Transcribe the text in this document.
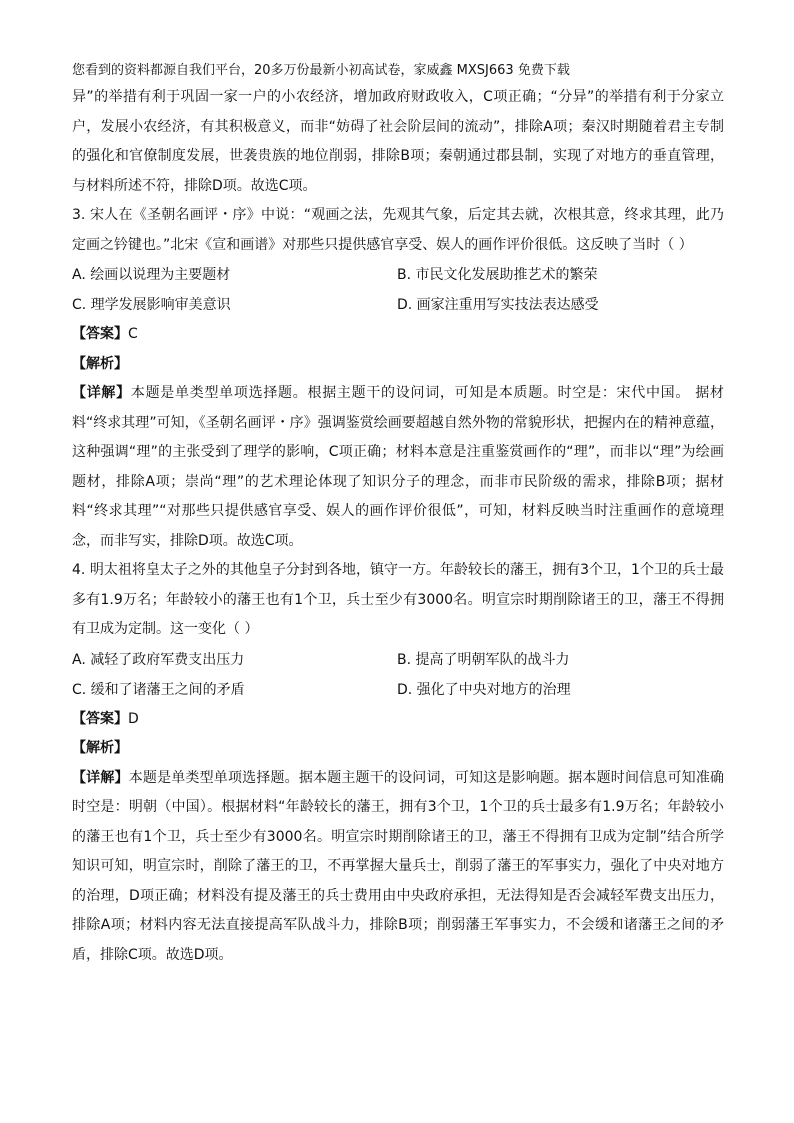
您看到的资料都源自我们平台，20多万份最新小初高试卷，家威鑫 MXSJ663 免费下载
异”的举措有利于巩固一家一户的小农经济，增加政府财政收入，C项正确；“分异”的举措有利于分家立户，发展小农经济，有其积极意义，而非“妨碍了社会阶层间的流动”，排除A项；秦汉时期随着君主专制的强化和官僚制度发展，世袭贵族的地位削弱，排除B项；秦朝通过郡县制，实现了对地方的垂直管理，与材料所述不符，排除D项。故选C项。
3. 宋人在《圣朝名画评・序》中说：“观画之法，先观其气象，后定其去就，次根其意，终求其理，此乃定画之钤键也。”北宋《宣和画谱》对那些只提供感官享受、娱人的画作评价很低。这反映了当时（ ）
A. 绘画以说理为主要题材	B. 市民文化发展助推艺术的繁荣
C. 理学发展影响审美意识	D. 画家注重用写实技法表达感受
【答案】C
【解析】
【详解】本题是单类型单项选择题。根据主题干的设问词，可知是本质题。时空是：宋代中国。 据材料“终求其理”可知，《圣朝名画评・序》强调鉴赏绘画要超越自然外物的常貌形状，把握内在的精神意蕴，这种强调“理”的主张受到了理学的影响，C项正确；材料本意是注重鉴赏画作的“理”，而非以“理”为绘画题材，排除A项；崇尚“理”的艺术理论体现了知识分子的理念，而非市民阶级的需求，排除B项；据材料“终求其理”“对那些只提供感官享受、娱人的画作评价很低”，可知，材料反映当时注重画作的意境理念，而非写实，排除D项。故选C项。
4. 明太祖将皇太子之外的其他皇子分封到各地，镇守一方。年龄较长的藩王，拥有3个卫，1个卫的兵士最多有1.9万名；年龄较小的藩王也有1个卫，兵士至少有3000名。明宣宗时期削除诸王的卫，藩王不得拥有卫成为定制。这一变化（ ）
A. 减轻了政府军费支出压力	B. 提高了明朝军队的战斗力
C. 缓和了诸藩王之间的矛盾	D. 强化了中央对地方的治理
【答案】D
【解析】
【详解】本题是单类型单项选择题。据本题主题干的设问词，可知这是影响题。据本题时间信息可知准确时空是：明朝（中国）。根据材料“年龄较长的藩王，拥有3个卫，1个卫的兵士最多有1.9万名；年龄较小的藩王也有1个卫，兵士至少有3000名。明宣宗时期削除诸王的卫，藩王不得拥有卫成为定制”结合所学知识可知，明宣宗时，削除了藩王的卫，不再掌握大量兵士，削弱了藩王的军事实力，强化了中央对地方的治理，D项正确；材料没有提及藩王的兵士费用由中央政府承担，无法得知是否会减轻军费支出压力，排除A项；材料内容无法直接提高军队战斗力，排除B项；削弱藩王军事实力，不会缓和诸藩王之间的矛盾，排除C项。故选D项。
